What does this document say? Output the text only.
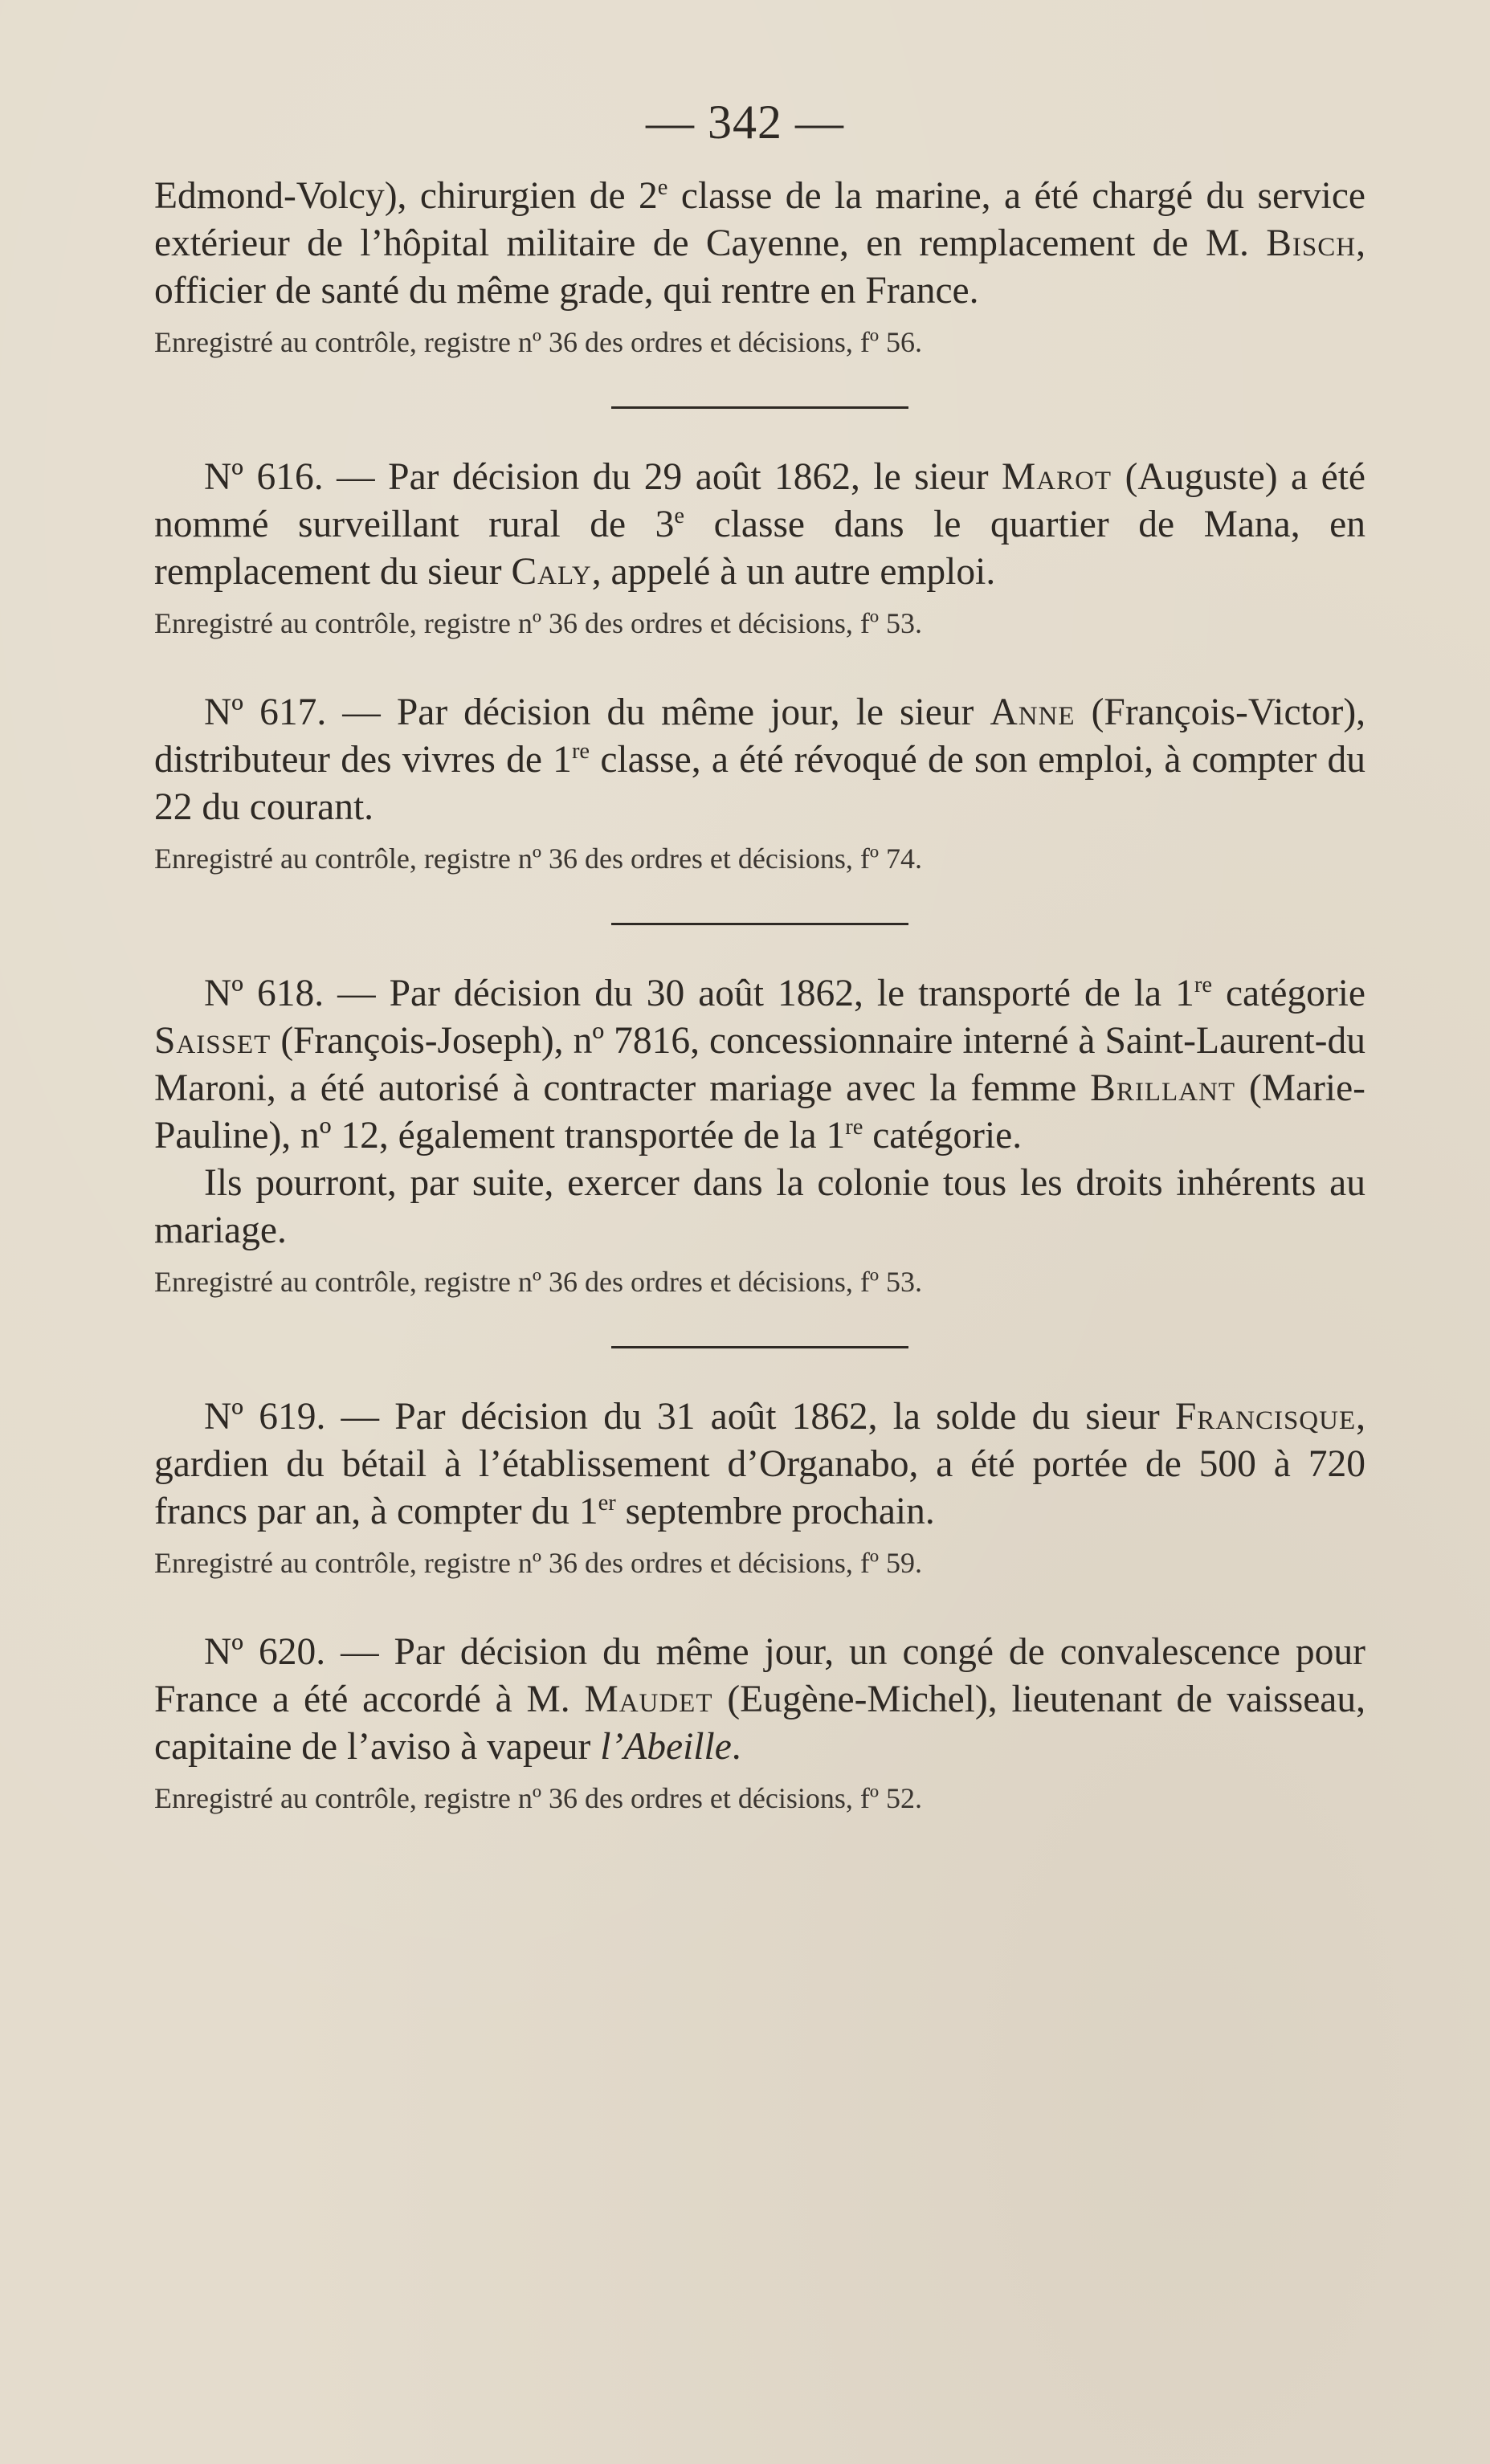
— 342 —

Edmond-Volcy), chirurgien de 2e classe de la marine, a été chargé du service extérieur de l’hôpital militaire de Cayenne, en remplacement de M. Bisch, officier de santé du même grade, qui rentre en France.

Enregistré au contrôle, registre nº 36 des ordres et décisions, fº 56.

Nº 616. — Par décision du 29 août 1862, le sieur Marot (Auguste) a été nommé surveillant rural de 3e classe dans le quartier de Mana, en remplacement du sieur Caly, appelé à un autre emploi.

Enregistré au contrôle, registre nº 36 des ordres et décisions, fº 53.

Nº 617. — Par décision du même jour, le sieur Anne (François-Victor), distributeur des vivres de 1re classe, a été révoqué de son emploi, à compter du 22 du courant.

Enregistré au contrôle, registre nº 36 des ordres et décisions, fº 74.

Nº 618. — Par décision du 30 août 1862, le transporté de la 1re catégorie Saisset (François-Joseph), nº 7816, concessionnaire interné à Saint-Laurent-du Maroni, a été autorisé à contracter mariage avec la femme Brillant (Marie-Pauline), nº 12, également transportée de la 1re catégorie.

Ils pourront, par suite, exercer dans la colonie tous les droits inhérents au mariage.

Enregistré au contrôle, registre nº 36 des ordres et décisions, fº 53.

Nº 619. — Par décision du 31 août 1862, la solde du sieur Francisque, gardien du bétail à l’établissement d’Organabo, a été portée de 500 à 720 francs par an, à compter du 1er septembre prochain.

Enregistré au contrôle, registre nº 36 des ordres et décisions, fº 59.

Nº 620. — Par décision du même jour, un congé de convalescence pour France a été accordé à M. Maudet (Eugène-Michel), lieutenant de vaisseau, capitaine de l’aviso à vapeur l’Abeille.

Enregistré au contrôle, registre nº 36 des ordres et décisions, fº 52.
